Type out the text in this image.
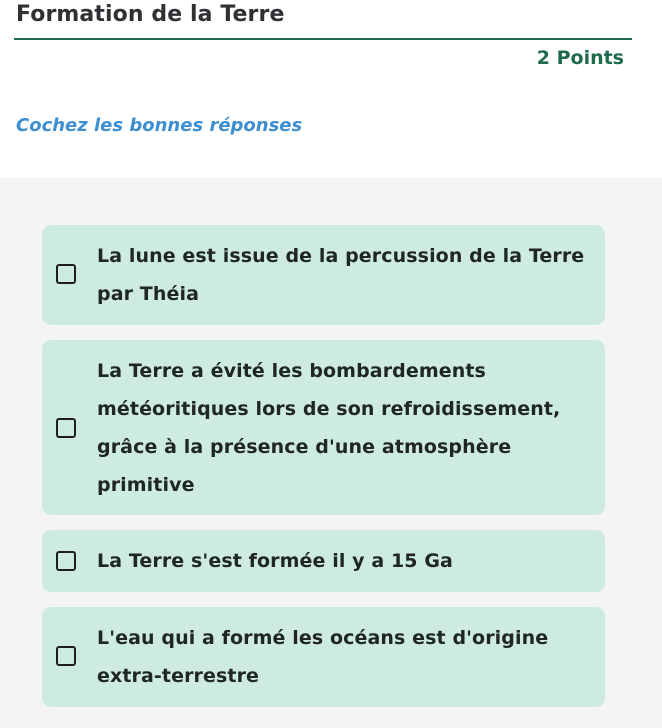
Formation de la Terre
2 Points
Cochez les bonnes réponses
La lune est issue de la percussion de la Terre par Théia
La Terre a évité les bombardements météoritiques lors de son refroidissement, grâce à la présence d'une atmosphère primitive
La Terre s'est formée il y a 15 Ga
L'eau qui a formé les océans est d'origine extra-terrestre
